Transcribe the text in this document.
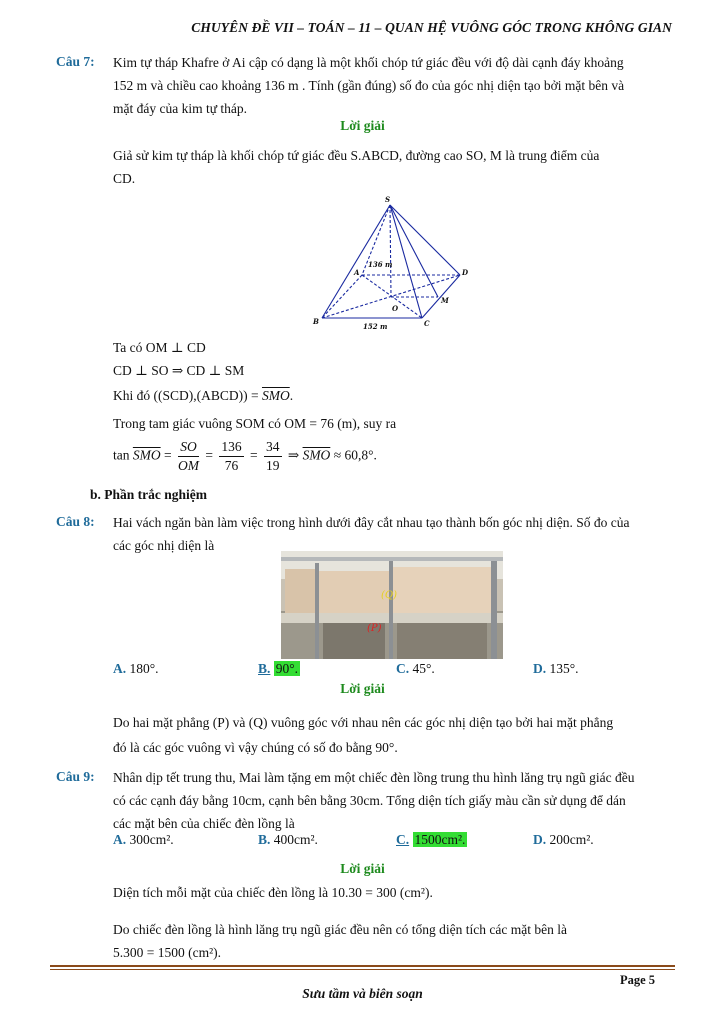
CHUYÊN ĐỀ VII – TOÁN – 11 – QUAN HỆ VUÔNG GÓC TRONG KHÔNG GIAN
Câu 7: Kim tự tháp Khafre ở Ai cập có dạng là một khối chóp tứ giác đều với độ dài cạnh đáy khoảng
152 m và chiều cao khoảng 136 m . Tính (gần đúng) số đo của góc nhị diện tạo bởi mặt bên và
mặt đáy của kim tự tháp.
Lời giải
Giả sử kim tự tháp là khối chóp tứ giác đều S.ABCD, đường cao SO, M là trung điểm của
CD.
S
A
B	C
D
O
M
136 m
152 m
Ta có OM ⊥ CD
CD ⊥ SO ⇒ CD ⊥ SM
Khi đó ((SCD),(ABCD)) = $\overline{SMO}$.
Trong tam giác vuông SOM có OM = 76 (m), suy ra
$\tan \overline{SMO} = \frac{SO}{OM} = \frac{136}{76} = \frac{34}{19}$ ⇒ $\overline{SMO} \approx 60,8^\circ$.
b. Phần trắc nghiệm
Câu 8: Hai vách ngăn bàn làm việc trong hình dưới đây cắt nhau tạo thành bốn góc nhị diện. Số đo của
các góc nhị diện là
(Q)
(P)
A. 180°.	B. 90°.	C. 45°.	D. 135°.
Lời giải
Do hai mặt phẳng (P) và (Q) vuông góc với nhau nên các góc nhị diện tạo bởi hai mặt phẳng
đó là các góc vuông vì vậy chúng có số đo bằng 90°.
Câu 9: Nhân dịp tết trung thu, Mai làm tặng em một chiếc đèn lồng trung thu hình lăng trụ ngũ giác đều
có các cạnh đáy bằng 10cm, cạnh bên bằng 30cm. Tổng diện tích giấy màu cần sử dụng để dán
các mặt bên của chiếc đèn lồng là
A. 300cm².	B. 400cm².	C. 1500cm².	D. 200cm².
Lời giải
Diện tích mỗi mặt của chiếc đèn lồng là 10.30 = 300 (cm²).
Do chiếc đèn lồng là hình lăng trụ ngũ giác đều nên có tổng diện tích các mặt bên là
5.300 = 1500 (cm²).
Page 5
Sưu tầm và biên soạn
